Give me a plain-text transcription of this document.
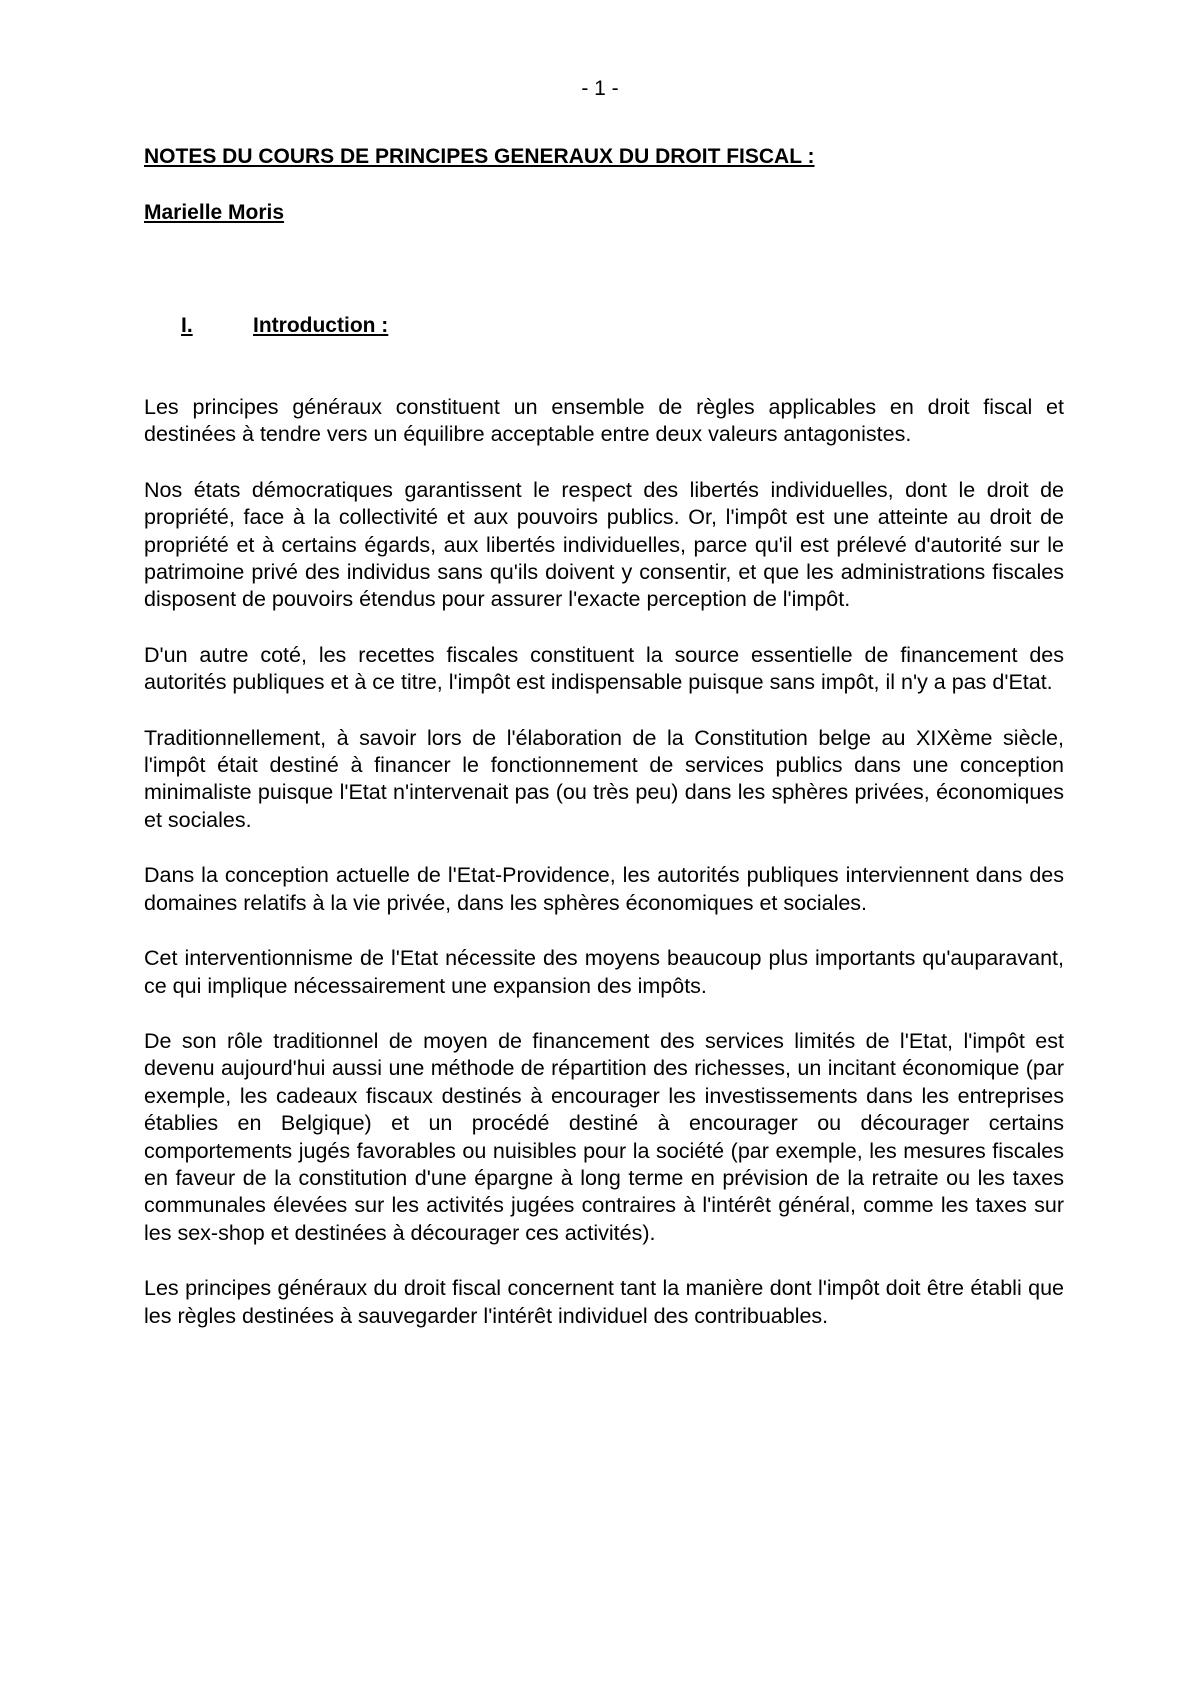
- 1 -
NOTES DU COURS DE PRINCIPES GENERAUX DU DROIT FISCAL :
Marielle Moris
I.	Introduction :

Les principes généraux constituent un ensemble de règles applicables en droit fiscal et destinées à tendre vers un équilibre acceptable entre deux valeurs antagonistes.

Nos états démocratiques garantissent le respect des libertés individuelles, dont le droit de propriété, face à la collectivité et aux pouvoirs publics. Or, l'impôt est une atteinte au droit de propriété et à certains égards, aux libertés individuelles, parce qu'il est prélevé d'autorité sur le patrimoine privé des individus sans qu'ils doivent y consentir, et que les administrations fiscales disposent de pouvoirs étendus pour assurer l'exacte perception de l'impôt.

D'un autre coté, les recettes fiscales constituent la source essentielle de financement des autorités publiques et à ce titre, l'impôt est indispensable puisque sans impôt, il n'y a pas d'Etat.

Traditionnellement, à savoir lors de l'élaboration de la Constitution belge au XIXème siècle, l'impôt était destiné à financer le fonctionnement de services publics dans une conception minimaliste puisque l'Etat n'intervenait pas (ou très peu) dans les sphères privées, économiques et sociales.

Dans la conception actuelle de l'Etat-Providence, les autorités publiques interviennent dans des domaines relatifs à la vie privée, dans les sphères économiques et sociales.

Cet interventionnisme de l'Etat nécessite des moyens beaucoup plus importants qu'auparavant, ce qui implique nécessairement une expansion des impôts.

De son rôle traditionnel de moyen de financement des services limités de l'Etat, l'impôt est devenu aujourd'hui aussi une méthode de répartition des richesses, un incitant économique (par exemple, les cadeaux fiscaux destinés à encourager les investissements dans les entreprises établies en Belgique) et un procédé destiné à encourager ou décourager certains comportements jugés favorables ou nuisibles pour la société (par exemple, les mesures fiscales en faveur de la constitution d'une épargne à long terme en prévision de la retraite ou les taxes communales élevées sur les activités jugées contraires à l'intérêt général, comme les taxes sur les sex-shop et destinées à décourager ces activités).

Les principes généraux du droit fiscal concernent tant la manière dont l'impôt doit être établi que les règles destinées à sauvegarder l'intérêt individuel des contribuables.
